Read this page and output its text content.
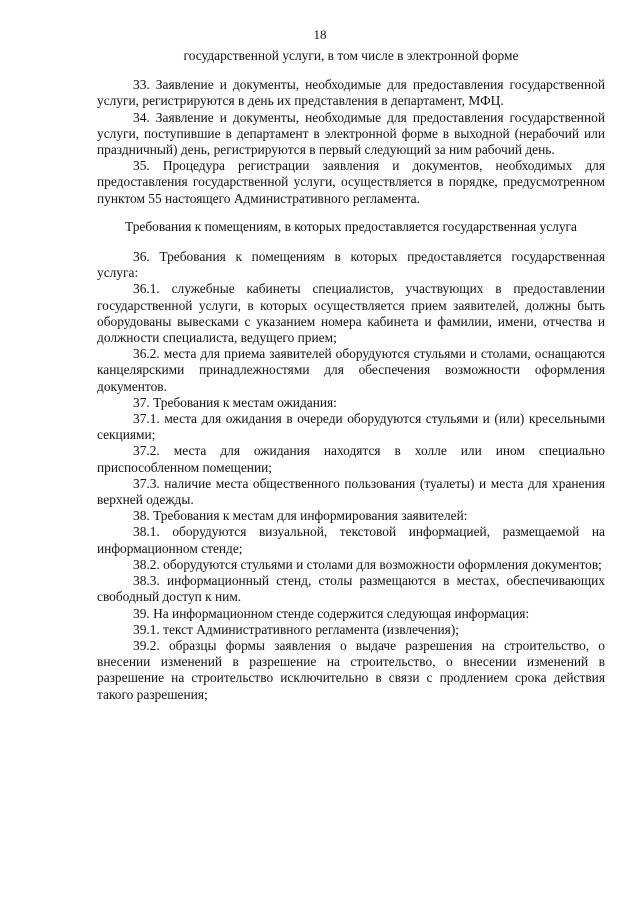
18
государственной услуги, в том числе в электронной форме

33. Заявление и документы, необходимые для предоставления государственной услуги, регистрируются в день их представления в департамент, МФЦ.

34. Заявление и документы, необходимые для предоставления государственной услуги, поступившие в департамент в электронной форме в выходной (нерабочий или праздничный) день, регистрируются в первый следующий за ним рабочий день.

35. Процедура регистрации заявления и документов, необходимых для предоставления государственной услуги, осуществляется в порядке, предусмотренном пунктом 55 настоящего Административного регламента.

Требования к помещениям, в которых предоставляется государственная услуга

36. Требования к помещениям в которых предоставляется государственная услуга:

36.1. служебные кабинеты специалистов, участвующих в предоставлении государственной услуги, в которых осуществляется прием заявителей, должны быть оборудованы вывесками с указанием номера кабинета и фамилии, имени, отчества и должности специалиста, ведущего прием;

36.2. места для приема заявителей оборудуются стульями и столами, оснащаются канцелярскими принадлежностями для обеспечения возможности оформления документов.

37. Требования к местам ожидания:

37.1. места для ожидания в очереди оборудуются стульями и (или) кресельными секциями;

37.2. места для ожидания находятся в холле или ином специально приспособленном помещении;

37.3. наличие места общественного пользования (туалеты) и места для хранения верхней одежды.

38. Требования к местам для информирования заявителей:

38.1. оборудуются визуальной, текстовой информацией, размещаемой на информационном стенде;

38.2. оборудуются стульями и столами для возможности оформления документов;

38.3. информационный стенд, столы размещаются в местах, обеспечивающих свободный доступ к ним.

39. На информационном стенде содержится следующая информация:

39.1. текст Административного регламента (извлечения);

39.2. образцы формы заявления о выдаче разрешения на строительство, о внесении изменений в разрешение на строительство, о внесении изменений в разрешение на строительство исключительно в связи с продлением срока действия такого разрешения;
